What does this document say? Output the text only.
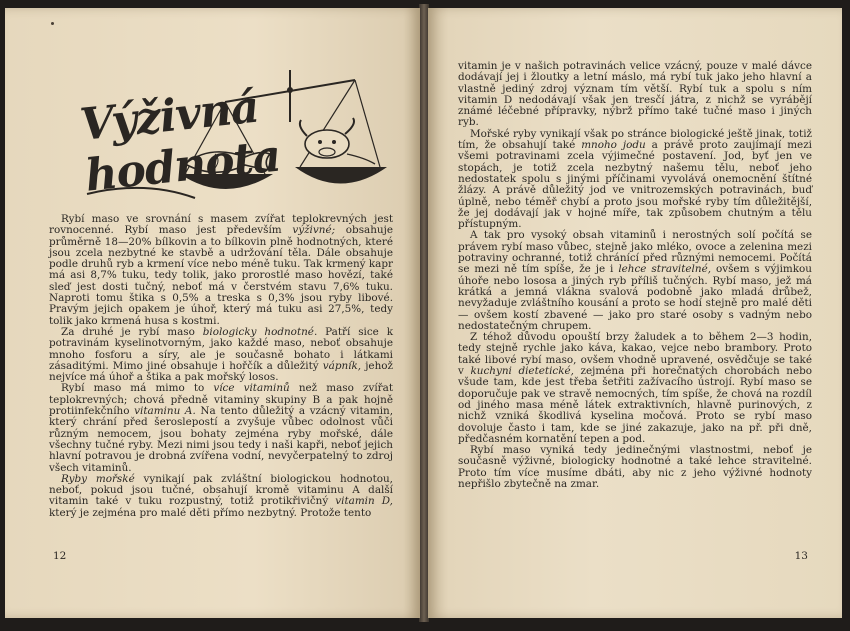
Výživná hodnota

Rybí maso ve srovnání s masem zvířat teplokrevných jest rovnocenné. Rybí maso jest především výživné; obsahuje průměrně 18—20% bílkovin a to bílkovin plně hodnotných, které jsou zcela nezbytné ke stavbě a udržování těla. Dále obsahuje podle druhů ryb a krmení více nebo méně tuku. Tak krmený kapr má asi 8,7% tuku, tedy tolik, jako prorostlé maso hovězí, také sleď jest dosti tučný, neboť má v čerstvém stavu 7,6% tuku. Naproti tomu štika s 0,5% a treska s 0,3% jsou ryby libové. Pravým jejich opakem je úhoř, který má tuku asi 27,5%, tedy tolik jako krmená husa s kostmi.

Za druhé je rybí maso biologicky hodnotné. Patří sice k potravinám kyselinotvorným, jako každé maso, neboť obsahuje mnoho fosforu a síry, ale je současně bohato i látkami zásaditými. Mimo jiné obsahuje i hořčík a důležitý vápník, jehož nejvíce má úhoř a štika a pak mořský losos.

Rybí maso má mimo to více vitaminů než maso zvířat teplokrevných; chová předně vitaminy skupiny B a pak hojně protiinfekčního vitaminu A. Na tento důležitý a vzácný vitamin, který chrání před šeroslepostí a zvyšuje vůbec odolnost vůči různým nemocem, jsou bohaty zejména ryby mořské, dále všechny tučné ryby. Mezi nimi jsou tedy i naši kapři, neboť jejich hlavní potravou je drobná zvířena vodní, nevyčerpatelný to zdroj všech vitaminů.

Ryby mořské vynikají pak zvláštní biologickou hodnotou, neboť, pokud jsou tučné, obsahují kromě vitaminu A další vitamin také v tuku rozpustný, totiž protikřivičný vitamin D, který je zejména pro malé děti přímo nezbytný. Protože tento

12

vitamin je v našich potravinách velice vzácný, pouze v malé dávce dodávají jej i žloutky a letní máslo, má rybí tuk jako jeho hlavní a vlastně jediný zdroj význam tím větší. Rybí tuk a spolu s ním vitamin D nedodávají však jen tresčí játra, z nichž se vyrábějí známé léčebné přípravky, nýbrž přímo také tučné maso i jiných ryb.

Mořské ryby vynikají však po stránce biologické ještě jinak, totiž tím, že obsahují také mnoho jodu a právě proto zaujímají mezi všemi potravinami zcela výjimečné postavení. Jod, byť jen ve stopách, je totiž zcela nezbytný našemu tělu, neboť jeho nedostatek spolu s jinými příčinami vyvolává onemocnění štítné žlázy. A právě důležitý jod ve vnitrozemských potravinách, buď úplně, nebo téměř chybí a proto jsou mořské ryby tím důležitější, že jej dodávají jak v hojné míře, tak způsobem chutným a tělu přístupným.

A tak pro vysoký obsah vitaminů i nerostných solí počítá se právem rybí maso vůbec, stejně jako mléko, ovoce a zelenina mezi potraviny ochranné, totiž chránící před různými nemocemi. Počítá se mezi ně tím spíše, že je i lehce stravitelné, ovšem s výjimkou úhoře nebo lososa a jiných ryb příliš tučných. Rybí maso, jež má krátká a jemná vlákna svalová podobně jako mladá drůbež, nevyžaduje zvláštního kousání a proto se hodí stejně pro malé děti — ovšem kostí zbavené — jako pro staré osoby s vadným nebo nedostatečným chrupem.

Z téhož důvodu opouští brzy žaludek a to během 2—3 hodin, tedy stejně rychle jako káva, kakao, vejce nebo brambory. Proto také libové rybí maso, ovšem vhodně upravené, osvědčuje se také v kuchyni dietetické, zejména při horečnatých chorobách nebo všude tam, kde jest třeba šetřiti zažívacího ústrojí. Rybí maso se doporučuje pak ve stravě nemocných, tím spíše, že chová na rozdíl od jiného masa méně látek extraktivních, hlavně purinových, z nichž vzniká škodlivá kyselina močová. Proto se rybí maso dovoluje často i tam, kde se jiné zakazuje, jako na př. při dně, předčasném kornatění tepen a pod.

Rybí maso vyniká tedy jedinečnými vlastnostmi, neboť je současně výživné, biologicky hodnotné a také lehce stravitelné. Proto tím více musíme dbáti, aby nic z jeho výživné hodnoty nepřišlo zbytečně na zmar.

13
